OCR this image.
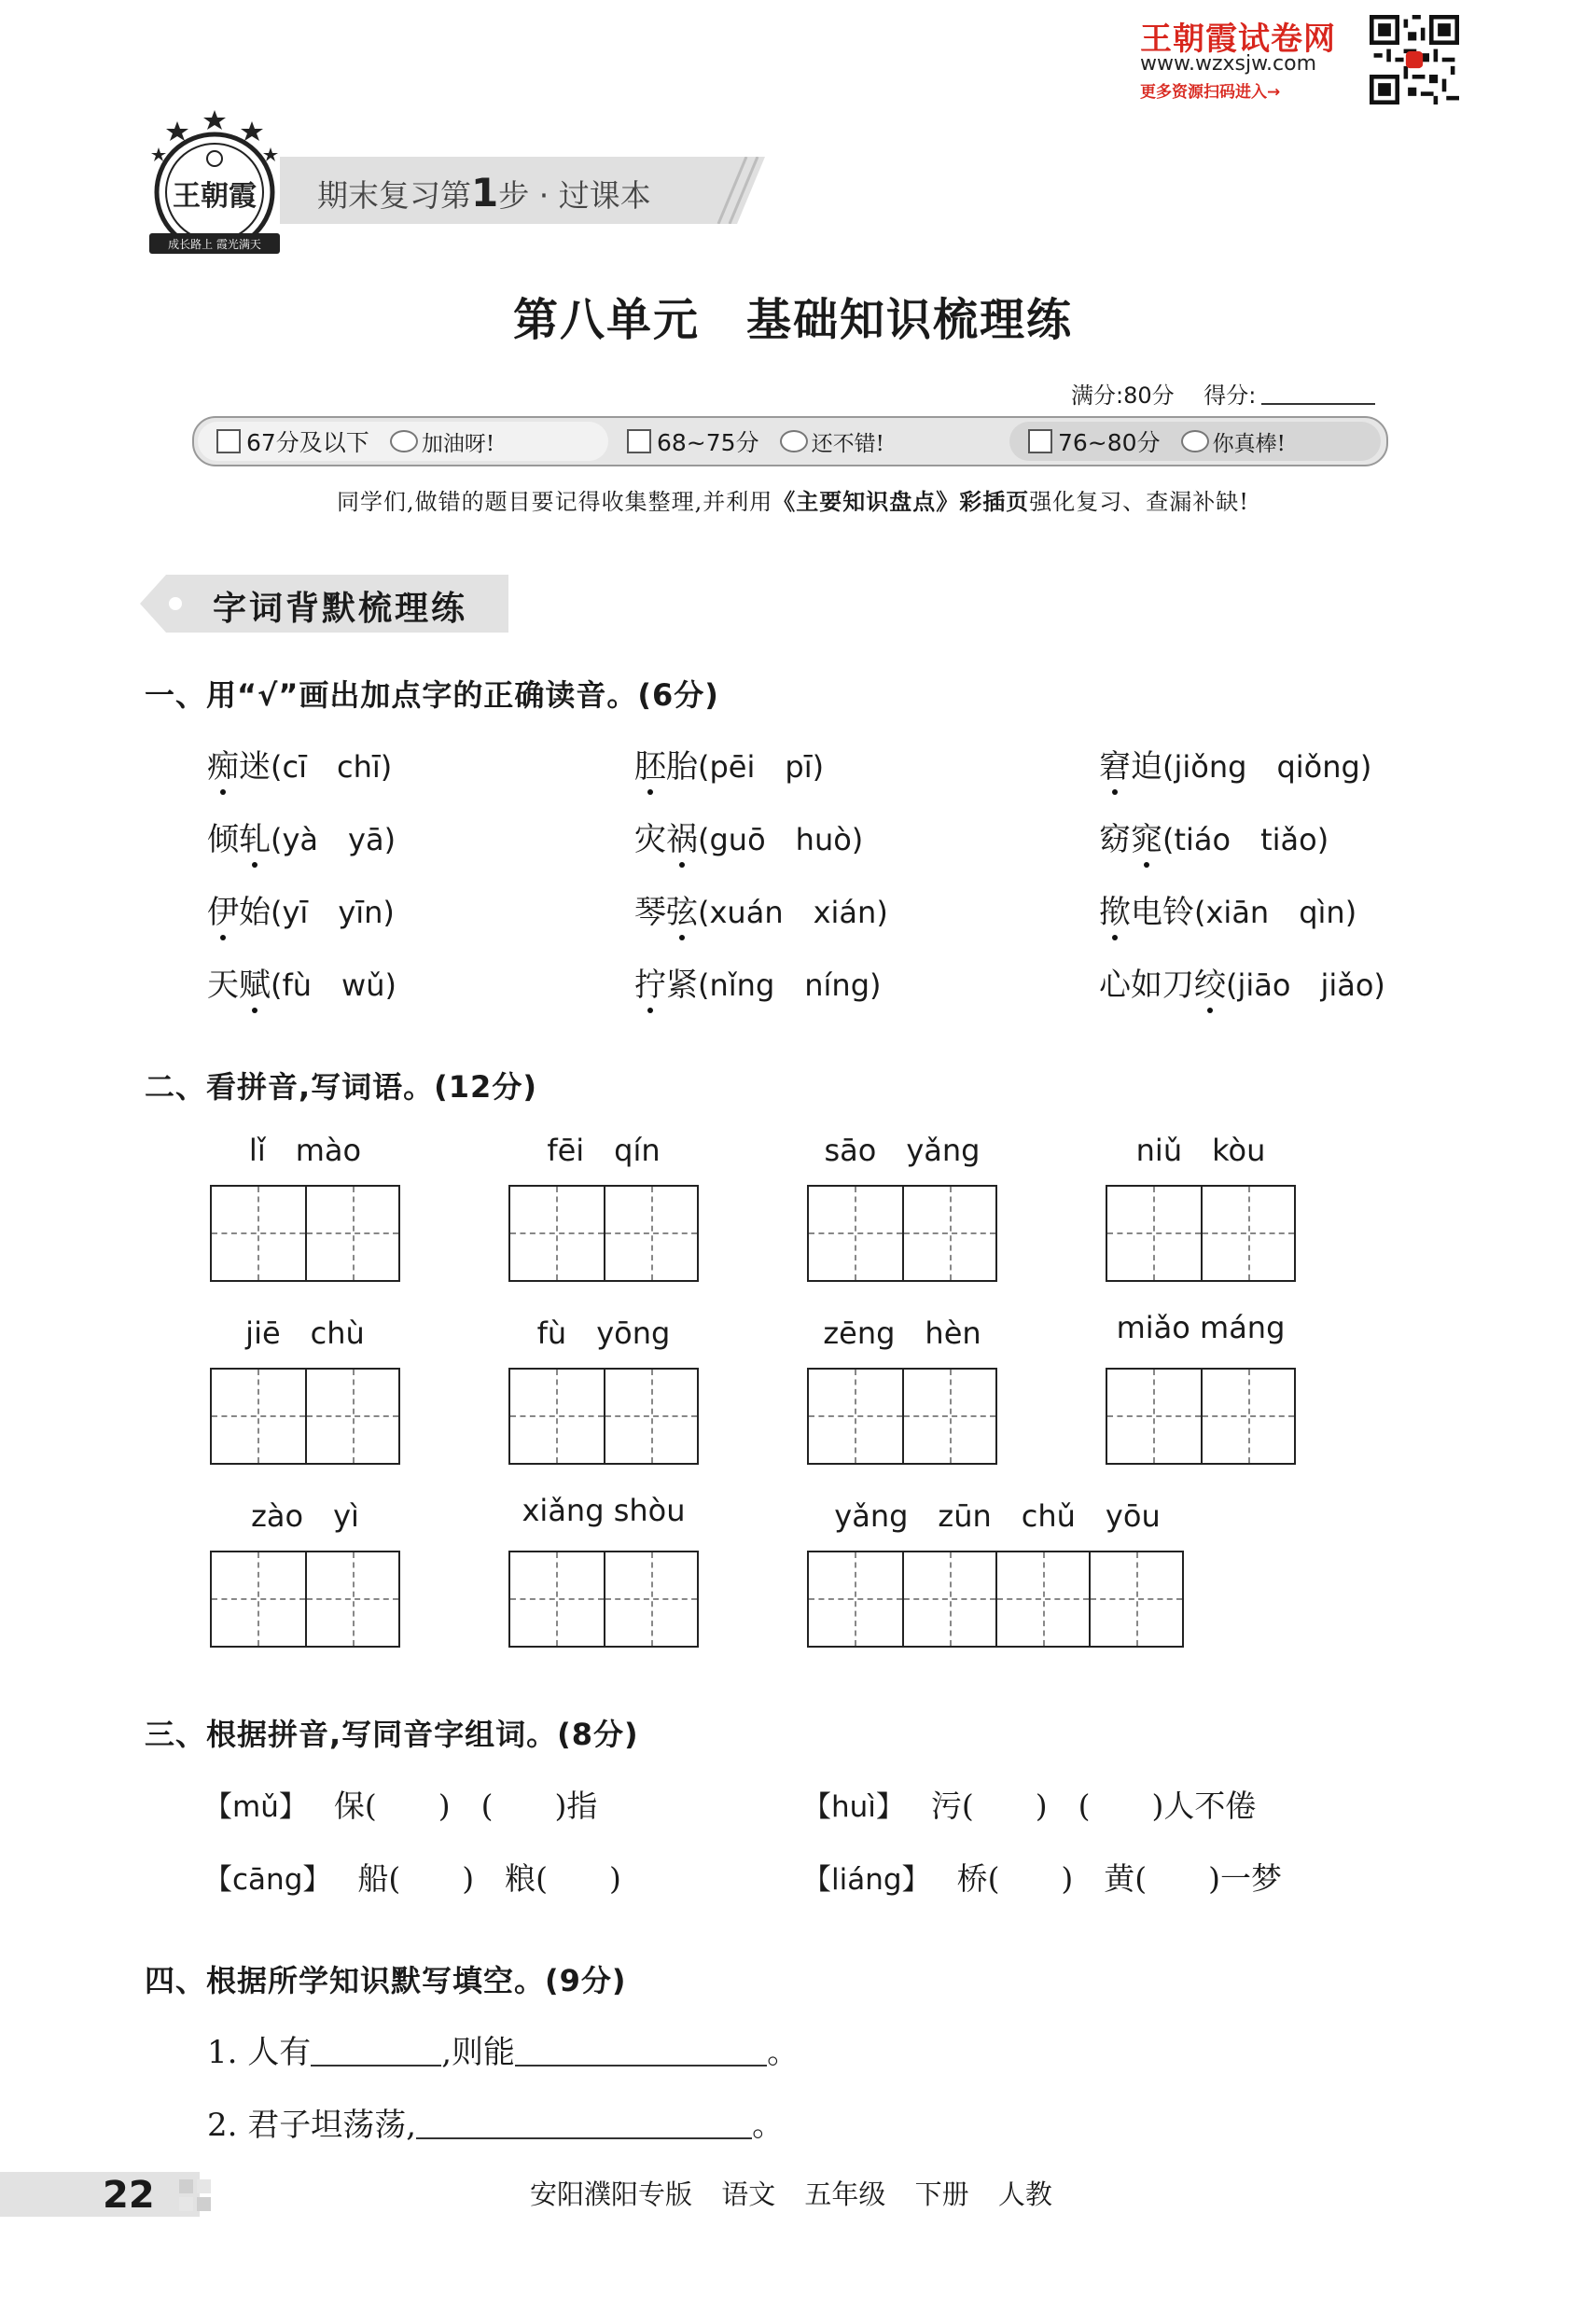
王朝霞试卷网
www.wzxsjw.com
更多资源扫码进入→
王朝霞
成长路上 霞光满天
期末复习第1步 · 过课本
第八单元　基础知识梳理练
满分:80分　 得分:
67分及以下 加油呀!	68~75分 还不错!	76~80分 你真棒!
同学们,做错的题目要记得收集整理,并利用《主要知识盘点》彩插页强化复习、查漏补缺!
字词背默梳理练
一、用“√”画出加点字的正确读音。(6分)
痴迷(cī　chī)	胚胎(pēi　pī)	窘迫(jiǒng　qiǒng)
倾轧(yà　yā)	灾祸(guō　huò)	窈窕(tiáo　tiǎo)
伊始(yī　yīn)	琴弦(xuán　xián)	揿电铃(xiān　qìn)
天赋(fù　wǔ)	拧紧(nǐng　níng)	心如刀绞(jiāo　jiǎo)
二、看拼音,写词语。(12分)
lǐ　mào	fēi　qín	sāo　yǎng	niǔ　kòu
jiē　chù	fù　yōng	zēng　hèn	miǎo máng
zào　yì	xiǎng shòu	yǎng　zūn　chǔ　yōu
三、根据拼音,写同音字组词。(8分)
【mǔ】　 保(　　)　(　　)指	【huì】　 污(　　)　(　　)人不倦
【cāng】　 船(　　)　粮(　　)	【liáng】　 桥(　　)　黄(　　)一梦
四、根据所学知识默写填空。(9分)
1. 人有	,则能	。
2. 君子坦荡荡,	。
22	安阳濮阳专版 语文 五年级 下册 人教
